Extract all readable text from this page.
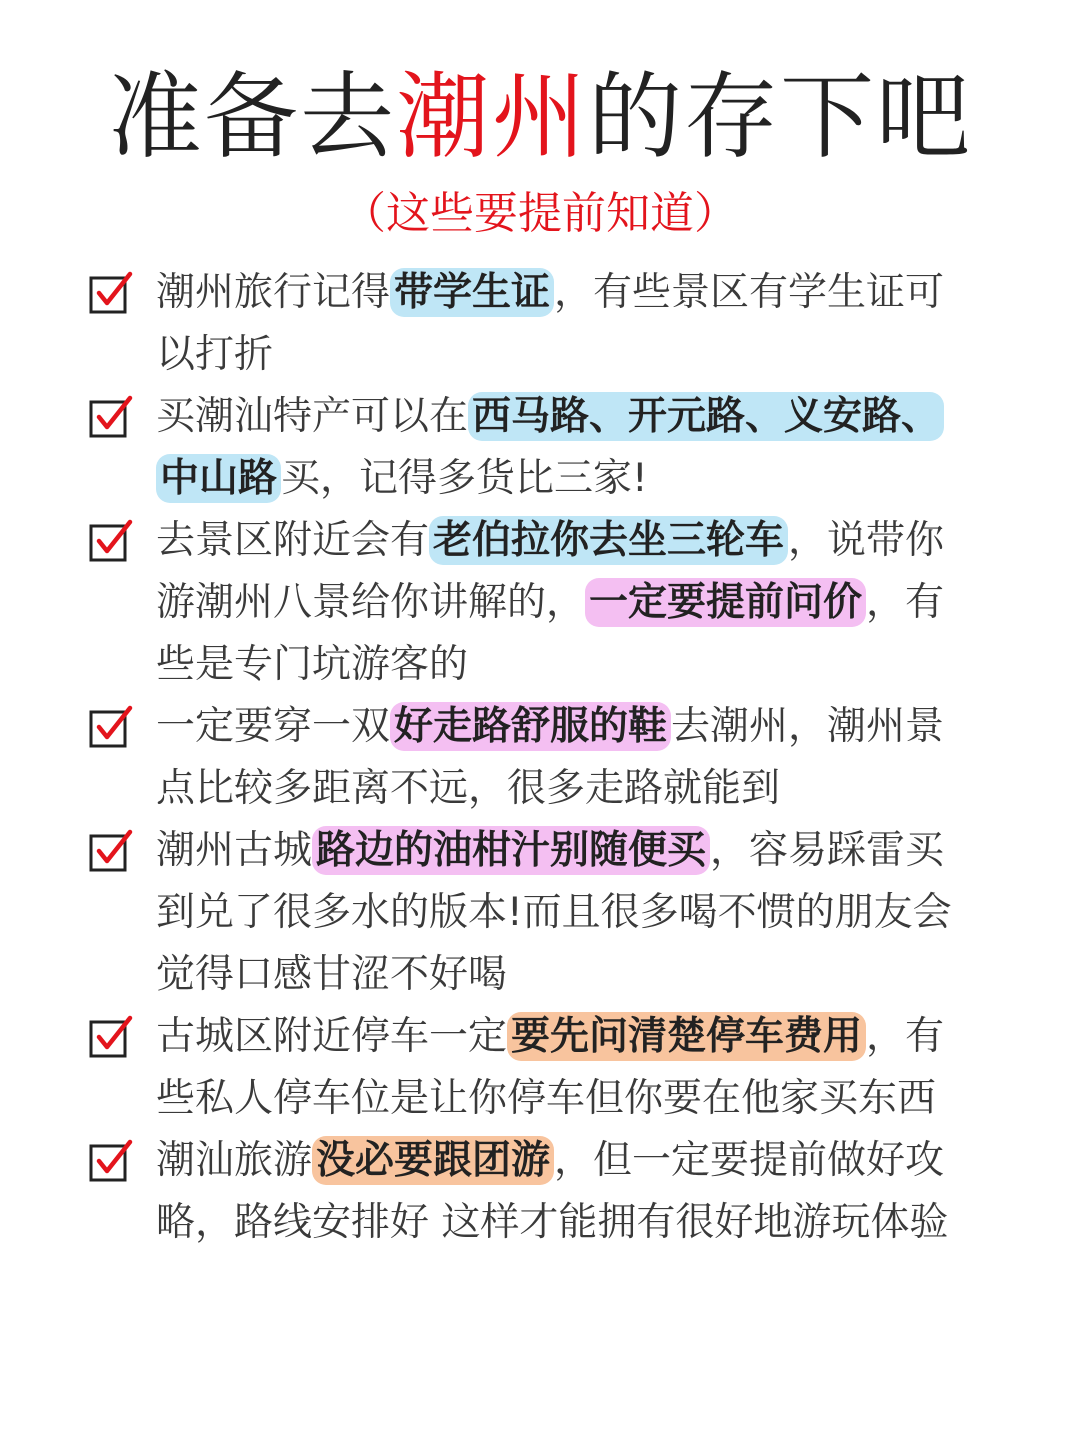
准备去潮州的存下吧
（这些要提前知道）
潮州旅行记得 带学生证 ，有些景区有学生证可以打折
买潮汕特产可以在 西马路、开元路、义安路、中山路 买，记得多货比三家!
去景区附近会有 老伯拉你去坐三轮车 ，说带你游潮州八景给你讲解的， 一定要提前问价 ，有些是专门坑游客的
一定要穿一双 好走路舒服的鞋 去潮州，潮州景点比较多距离不远，很多走路就能到
潮州古城 路边的油柑汁别随便买 ，容易踩雷买到兑了很多水的版本!而且很多喝不惯的朋友会觉得口感甘涩不好喝
古城区附近停车一定 要先问清楚停车费用 ，有些私人停车位是让你停车但你要在他家买东西
潮汕旅游 没必要跟团游 ，但一定要提前做好攻略，路线安排好 这样才能拥有很好地游玩体验
